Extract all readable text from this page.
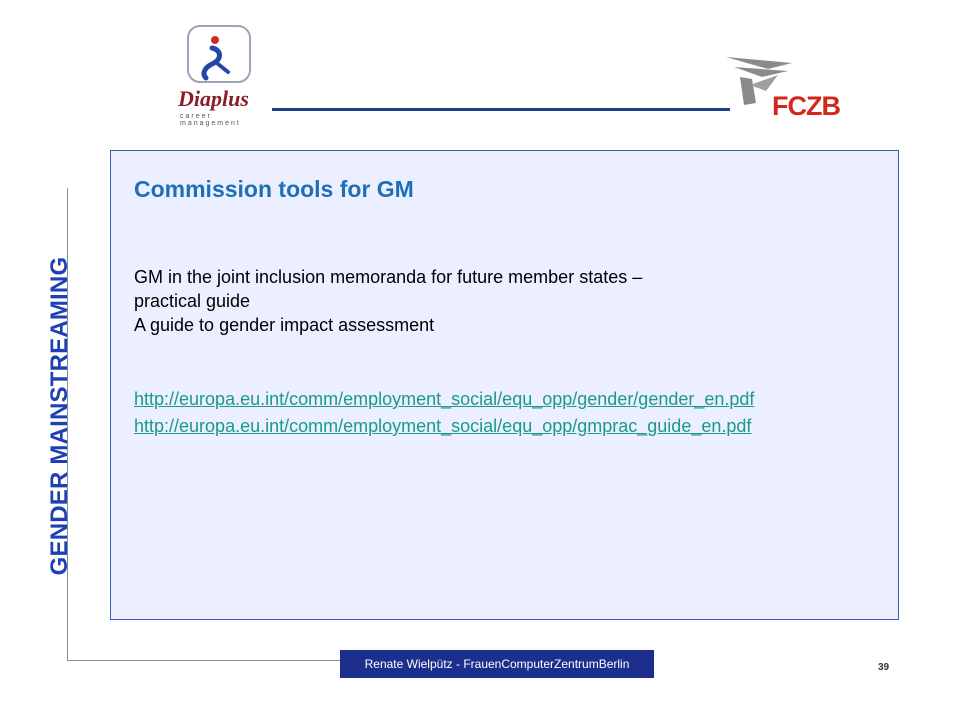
Diaplus
career management
FCZB
GENDER MAINSTREAMING
Commission tools for GM
GM in the joint inclusion memoranda for future member states –
practical guide
A guide to gender impact assessment
http://europa.eu.int/comm/employment_social/equ_opp/gender/gender_en.pdf
http://europa.eu.int/comm/employment_social/equ_opp/gmprac_guide_en.pdf
Renate Wielpütz - FrauenComputerZentrumBerlin	39
